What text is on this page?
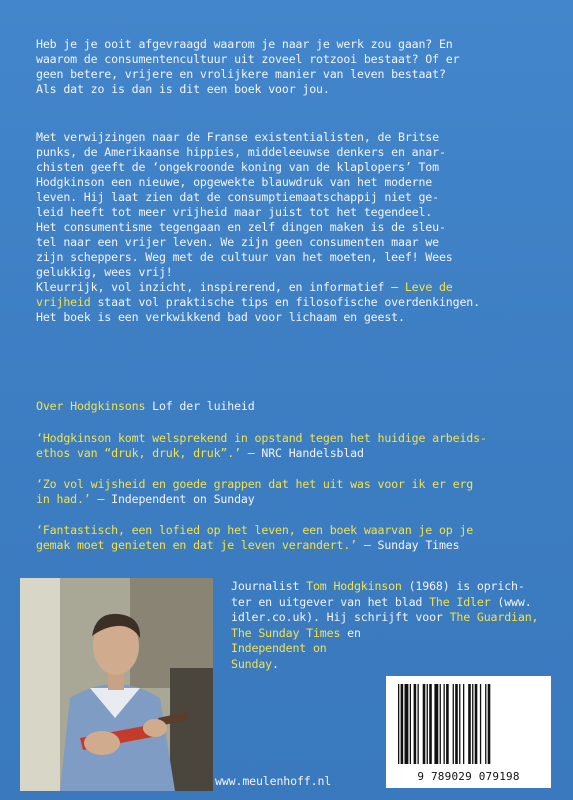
Heb je je ooit afgevraagd waarom je naar je werk zou gaan? En
waarom de consumentencultuur uit zoveel rotzooi bestaat? Of er
geen betere, vrijere en vrolijkere manier van leven bestaat?
Als dat zo is dan is dit een boek voor jou.
Met verwijzingen naar de Franse existentialisten, de Britse
punks, de Amerikaanse hippies, middeleeuwse denkers en anar-
chisten geeft de ‘ongekroonde koning van de klaplopers’ Tom
Hodgkinson een nieuwe, opgewekte blauwdruk van het moderne
leven. Hij laat zien dat de consumptiemaatschappij niet ge-
leid heeft tot meer vrijheid maar juist tot het tegendeel.
Het consumentisme tegengaan en zelf dingen maken is de sleu-
tel naar een vrijer leven. We zijn geen consumenten maar we
zijn scheppers. Weg met de cultuur van het moeten, leef! Wees
gelukkig, wees vrij!
Kleurrijk, vol inzicht, inspirerend, en informatief – Leve de
vrijheid staat vol praktische tips en filosofische overdenkingen.
Het boek is een verkwikkend bad voor lichaam en geest.
Over Hodgkinsons Lof der luiheid
‘Hodgkinson komt welsprekend in opstand tegen het huidige arbeids-
ethos van “druk, druk, druk”.’ – NRC Handelsblad
‘Zo vol wijsheid en goede grappen dat het uit was voor ik er erg
in had.’ – Independent on Sunday
‘Fantastisch, een lofied op het leven, een boek waarvan je op je
gemak moet genieten en dat je leven verandert.’ – Sunday Times
Journalist Tom Hodgkinson (1968) is oprich-
ter en uitgever van het blad The Idler (www.
idler.co.uk). Hij schrijft voor The Guardian,
The Sunday Times en
Independent on
Sunday.
9 789029 079198
www.meulenhoff.nl
